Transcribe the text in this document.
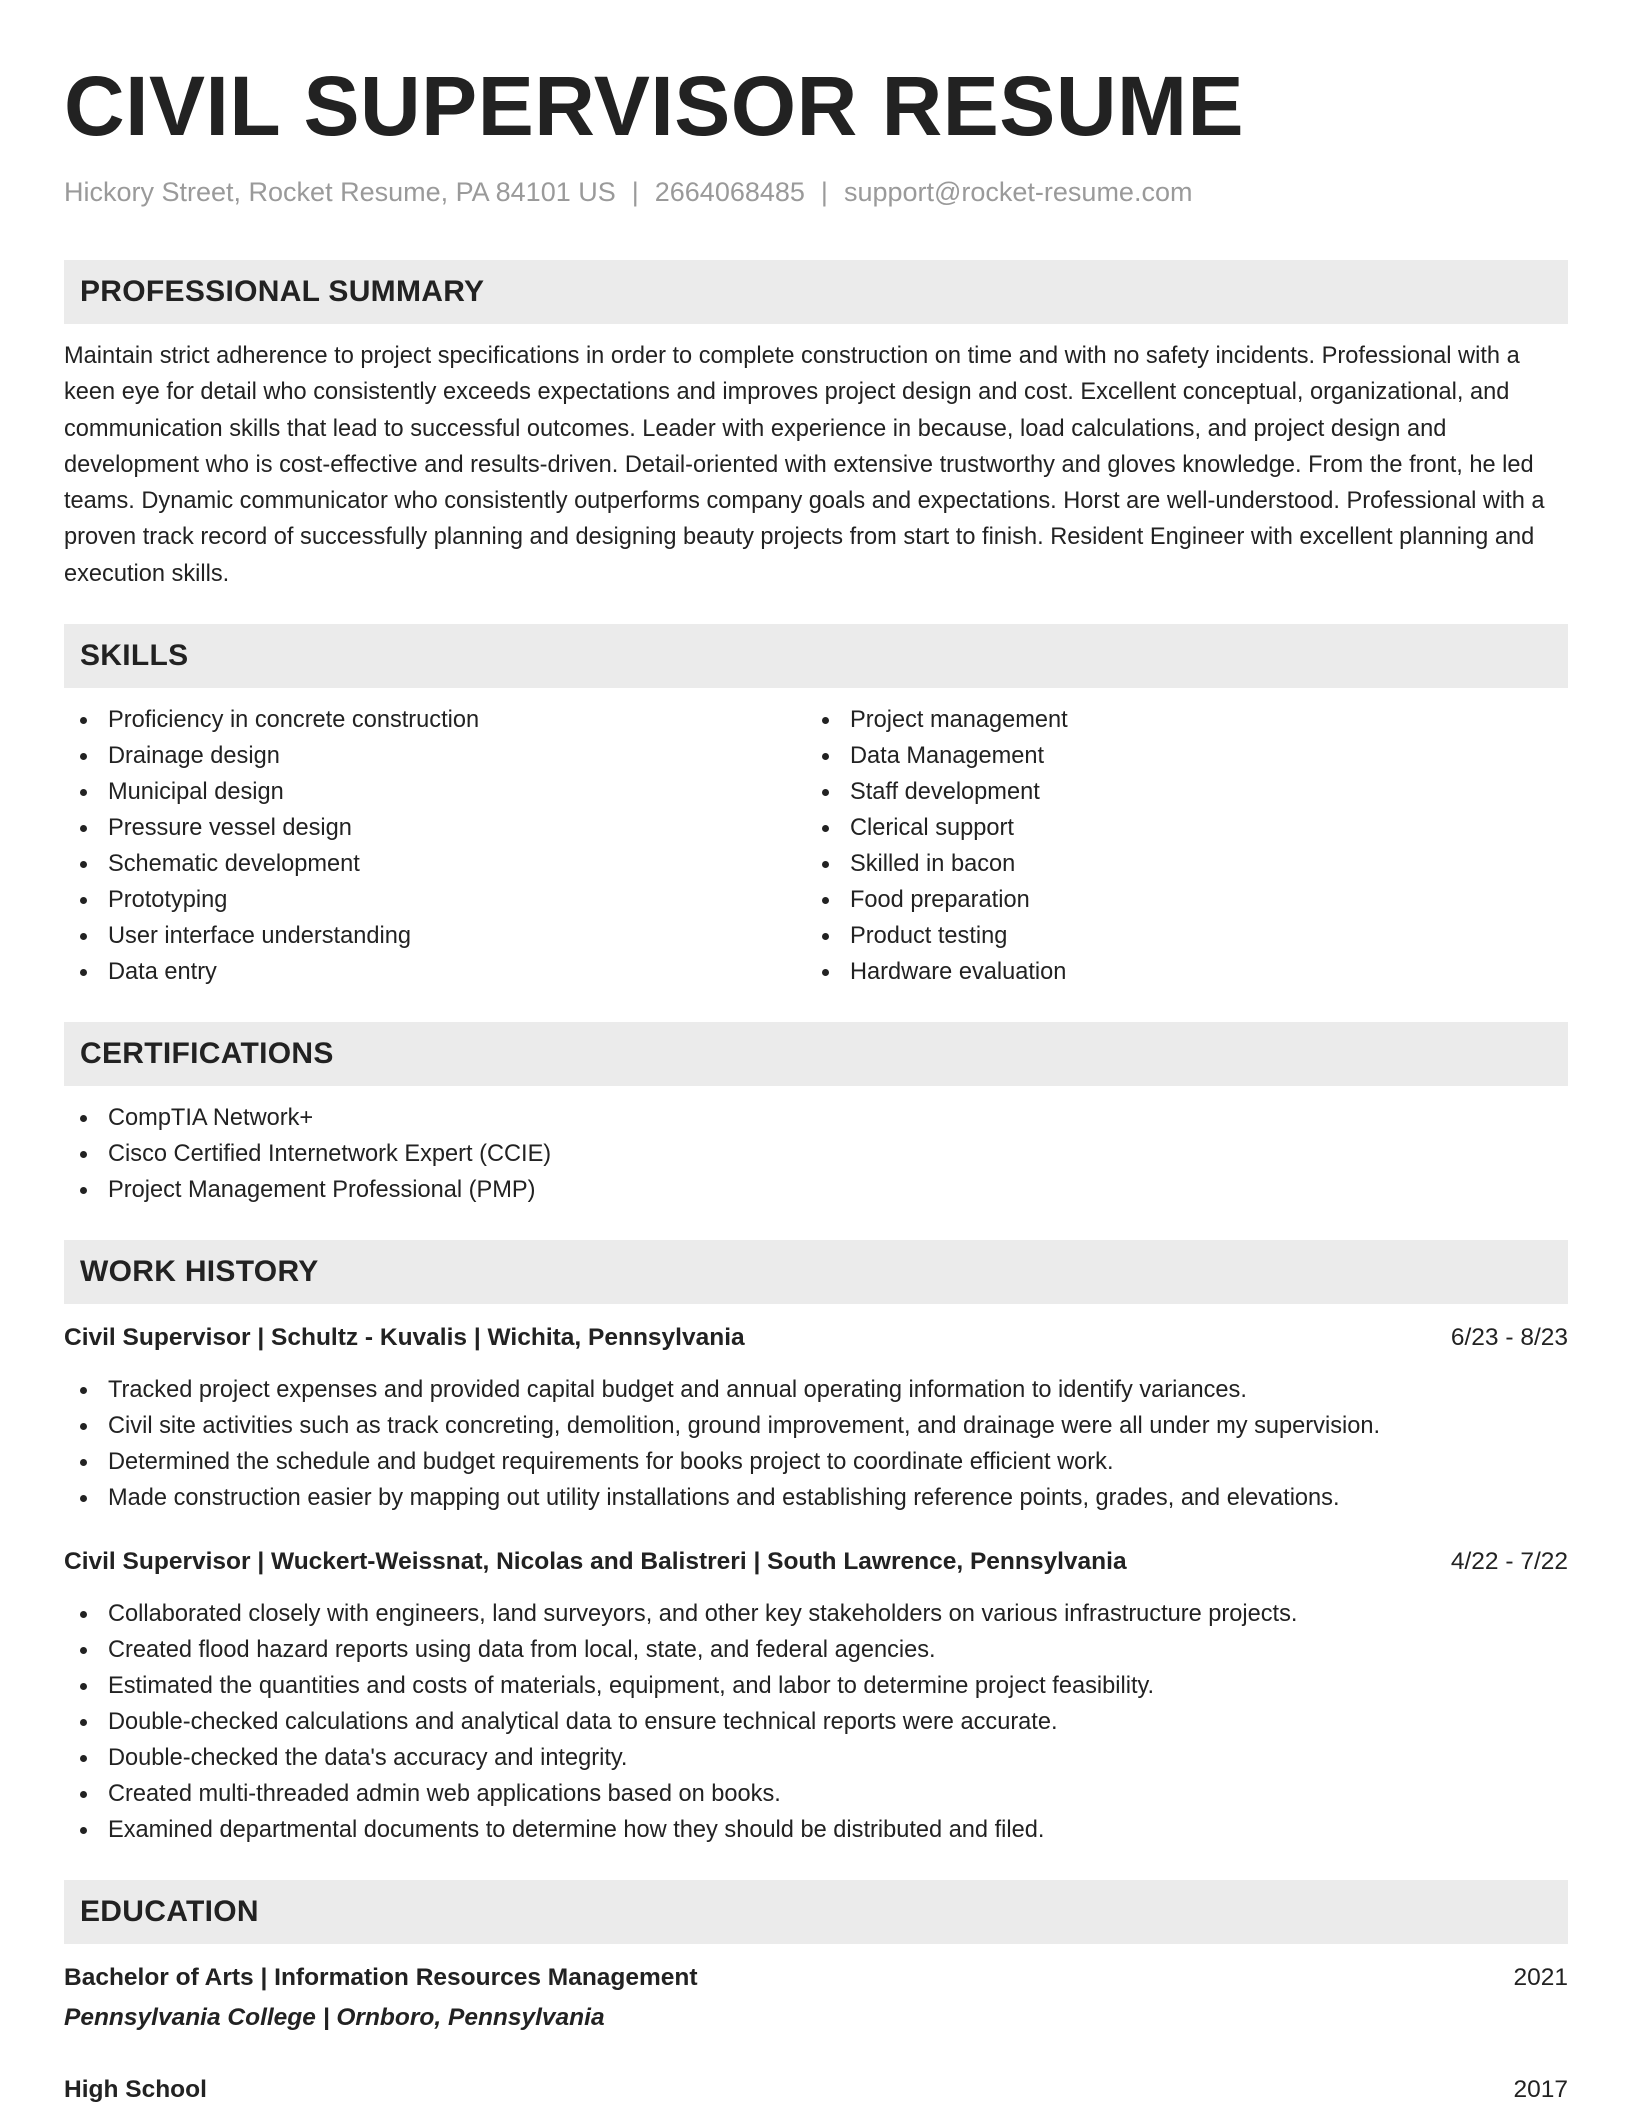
CIVIL SUPERVISOR RESUME
Hickory Street, Rocket Resume, PA 84101 US | 2664068485 | support@rocket-resume.com
PROFESSIONAL SUMMARY

Maintain strict adherence to project specifications in order to complete construction on time and with no safety incidents. Professional with a keen eye for detail who consistently exceeds expectations and improves project design and cost. Excellent conceptual, organizational, and communication skills that lead to successful outcomes. Leader with experience in because, load calculations, and project design and development who is cost-effective and results-driven. Detail-oriented with extensive trustworthy and gloves knowledge. From the front, he led teams. Dynamic communicator who consistently outperforms company goals and expectations. Horst are well-understood. Professional with a proven track record of successfully planning and designing beauty projects from start to finish. Resident Engineer with excellent planning and execution skills.

SKILLS
Proficiency in concrete construction
Drainage design
Municipal design
Pressure vessel design
Schematic development
Prototyping
User interface understanding
Data entry
Project management
Data Management
Staff development
Clerical support
Skilled in bacon
Food preparation
Product testing
Hardware evaluation
CERTIFICATIONS
CompTIA Network+
Cisco Certified Internetwork Expert (CCIE)
Project Management Professional (PMP)
WORK HISTORY
Civil Supervisor | Schultz - Kuvalis | Wichita, Pennsylvania	6/23 - 8/23
Tracked project expenses and provided capital budget and annual operating information to identify variances.
Civil site activities such as track concreting, demolition, ground improvement, and drainage were all under my supervision.
Determined the schedule and budget requirements for books project to coordinate efficient work.
Made construction easier by mapping out utility installations and establishing reference points, grades, and elevations.
Civil Supervisor | Wuckert-Weissnat, Nicolas and Balistreri | South Lawrence, Pennsylvania	4/22 - 7/22
Collaborated closely with engineers, land surveyors, and other key stakeholders on various infrastructure projects.
Created flood hazard reports using data from local, state, and federal agencies.
Estimated the quantities and costs of materials, equipment, and labor to determine project feasibility.
Double-checked calculations and analytical data to ensure technical reports were accurate.
Double-checked the data's accuracy and integrity.
Created multi-threaded admin web applications based on books.
Examined departmental documents to determine how they should be distributed and filed.
EDUCATION
Bachelor of Arts | Information Resources Management	2021
Pennsylvania College | Ornboro, Pennsylvania
High School	2017
